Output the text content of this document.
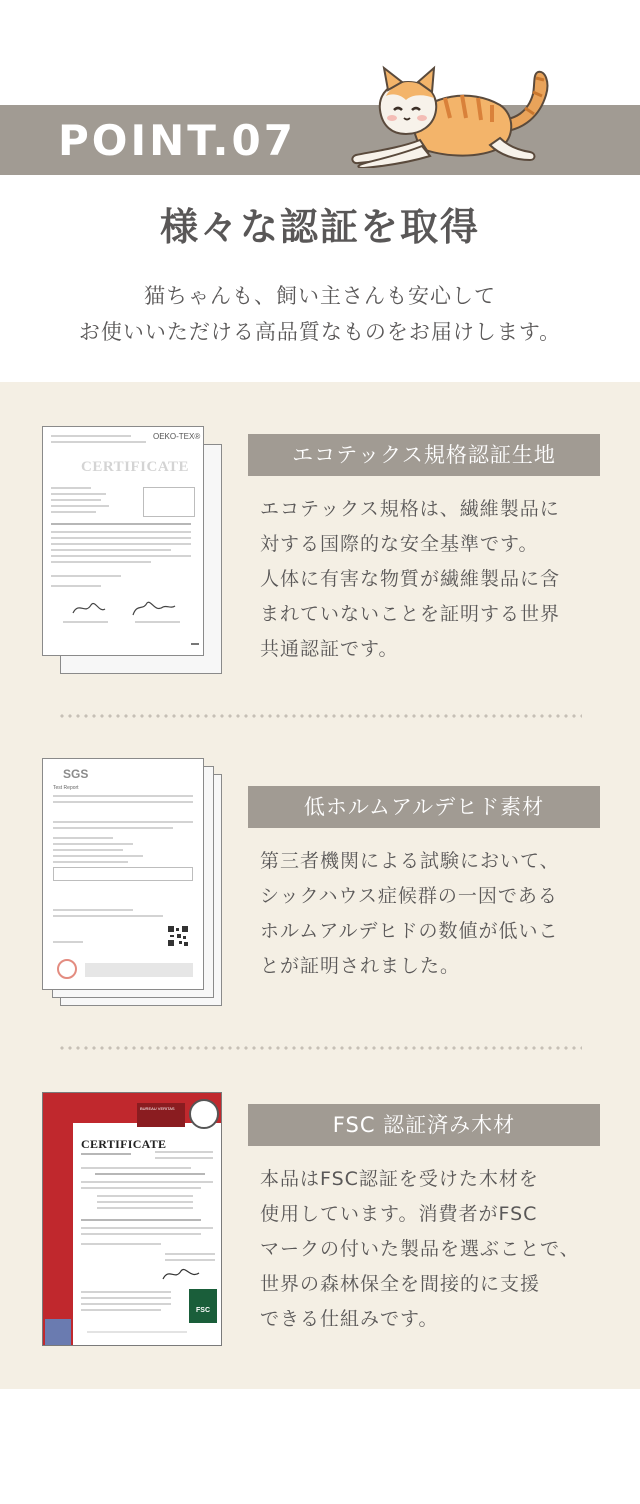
POINT.07
様々な認証を取得
猫ちゃんも、飼い主さんも安心して
お使いいただける高品質なものをお届けします。
OEKO-TEX®
CERTIFICATE	エコテックス規格認証生地
エコテックス規格は、繊維製品に
対する国際的な安全基準です。
人体に有害な物質が繊維製品に含
まれていないことを証明する世界
共通認証です。
SGS
Test Report
低ホルムアルデヒド素材
第三者機関による試験において、
シックハウス症候群の一因である
ホルムアルデヒドの数値が低いこ
とが証明されました。
BUREAU VERITAS
CERTIFICATE
FSC
FSC 認証済み木材
本品はFSC認証を受けた木材を
使用しています。消費者がFSC
マークの付いた製品を選ぶことで、
世界の森林保全を間接的に支援
できる仕組みです。
